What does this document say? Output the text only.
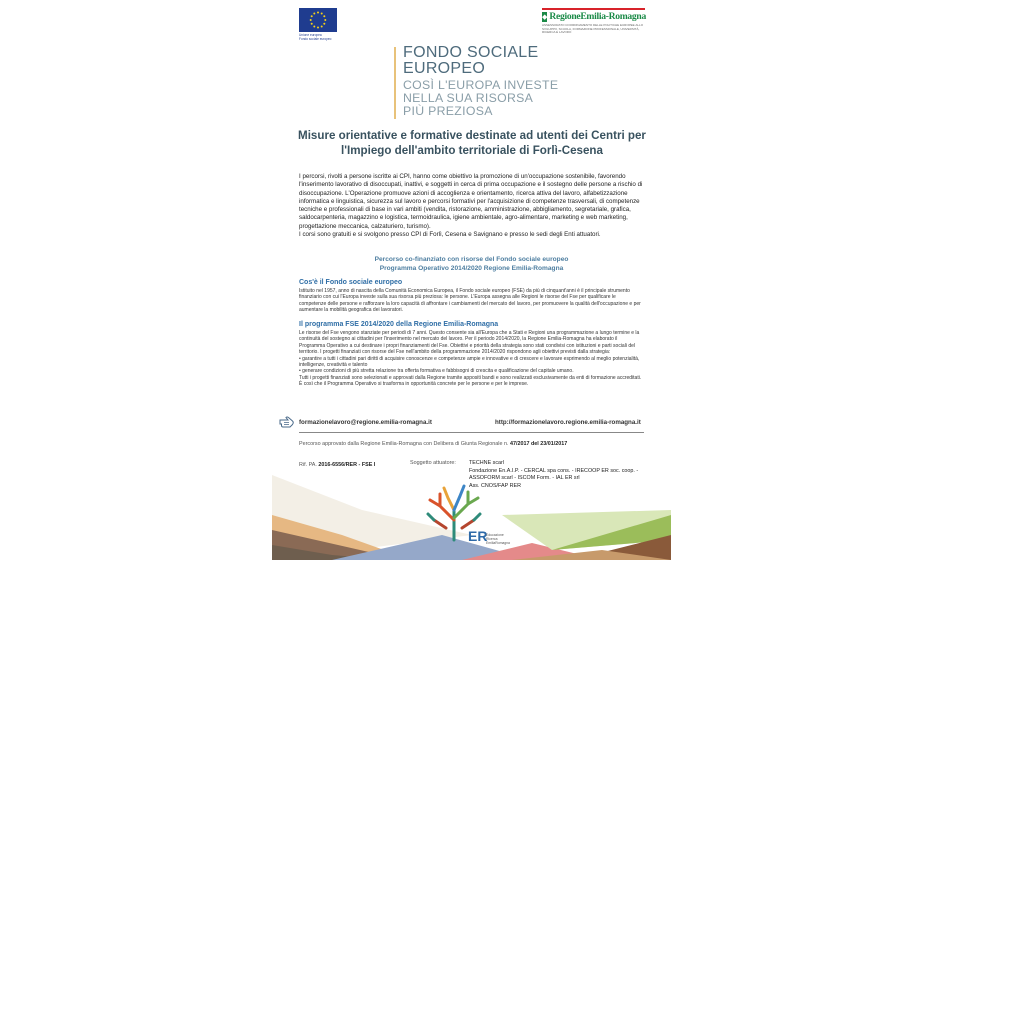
Unione europea
Fondo sociale europeo
◆ RegioneEmilia-Romagna
ASSESSORATO COORDINAMENTO DELLE POLITICHE EUROPEE ALLO SVILUPPO, SCUOLA, FORMAZIONE PROFESSIONALE, UNIVERSITÀ, RICERCA E LAVORO
FONDO SOCIALE
EUROPEO
COSÌ L'EUROPA INVESTE
NELLA SUA RISORSA
PIÙ PREZIOSA
Misure orientative e formative destinate ad utenti dei Centri per l'Impiego dell'ambito territoriale di Forlì-Cesena
I percorsi, rivolti a persone iscritte ai CPI, hanno come obiettivo la promozione di un'occupazione sostenibile, favorendo l'inserimento lavorativo di disoccupati, inattivi, e soggetti in cerca di prima occupazione e il sostegno delle persone a rischio di disoccupazione. L'Operazione promuove azioni di accoglienza e orientamento, ricerca attiva del lavoro, alfabetizzazione informatica e linguistica, sicurezza sul lavoro e percorsi formativi per l'acquisizione di competenze trasversali, di competenze tecniche e professionali di base in vari ambiti (vendita, ristorazione, amministrazione, abbigliamento, segretariale, grafica, saldocarpenteria, magazzino e logistica, termoidraulica, igiene ambientale, agro-alimentare, marketing e web marketing, progettazione meccanica, calzaturiero, turismo).
I corsi sono gratuiti e si svolgono presso CPI di Forlì, Cesena e Savignano e presso le sedi degli Enti attuatori.
Percorso co-finanziato con risorse del Fondo sociale europeo
Programma Operativo 2014/2020 Regione Emilia-Romagna
Cos'è il Fondo sociale europeo
Istituito nel 1957, anno di nascita della Comunità Economica Europea, il Fondo sociale europeo (FSE) da più di cinquant'anni è il principale strumento finanziario con cui l'Europa investe sulla sua risorsa più preziosa: le persone. L'Europa assegna alle Regioni le risorse del Fse per qualificare le competenze delle persone e rafforzare la loro capacità di affrontare i cambiamenti del mercato del lavoro, per promuovere la qualità dell'occupazione e per aumentare la mobilità geografica dei lavoratori.
Il programma FSE 2014/2020 della Regione Emilia-Romagna
Le risorse del Fse vengono stanziate per periodi di 7 anni. Questo consente sia all'Europa che a Stati e Regioni una programmazione a lungo termine e la continuità del sostegno ai cittadini per l'inserimento nel mercato del lavoro. Per il periodo 2014/2020, la Regione Emilia-Romagna ha elaborato il Programma Operativo a cui destinare i propri finanziamenti del Fse. Obiettivi e priorità della strategia sono stati condivisi con istituzioni e parti sociali del territorio. I progetti finanziati con risorse del Fse nell'ambito della programmazione 2014/2020 rispondono agli obiettivi previsti dalla strategia:
• garantire a tutti i cittadini pari diritti di acquisire conoscenze e competenze ampie e innovative e di crescere e lavorare esprimendo al meglio potenzialità, intelligenze, creatività e talento
• generare condizioni di più stretta relazione tra offerta formativa e fabbisogni di crescita e qualificazione del capitale umano.
Tutti i progetti finanziati sono selezionati e approvati dalla Regione tramite appositi bandi e sono realizzati esclusivamente da enti di formazione accreditati.
È così che il Programma Operativo si trasforma in opportunità concrete per le persone e per le imprese.
formazionelavoro@regione.emilia-romagna.it	http://formazionelavoro.regione.emilia-romagna.it
Percorso approvato dalla Regione Emilia-Romagna con Delibera di Giunta Regionale n. 47/2017 del 23/01/2017
Rif. PA. 2016-6556/RER - FSE I	Soggetto attuatore: TECHNE scarl
Fondazione En.A.I.P. - CERCAL spa cons. - IRECOOP ER soc. coop. - ASSOFORM scarl - ISCOM Form. - IAL ER srl
Ass. CNOS/FAP RER
ER
Educazione
Ricerca
EmiliaRomagna
